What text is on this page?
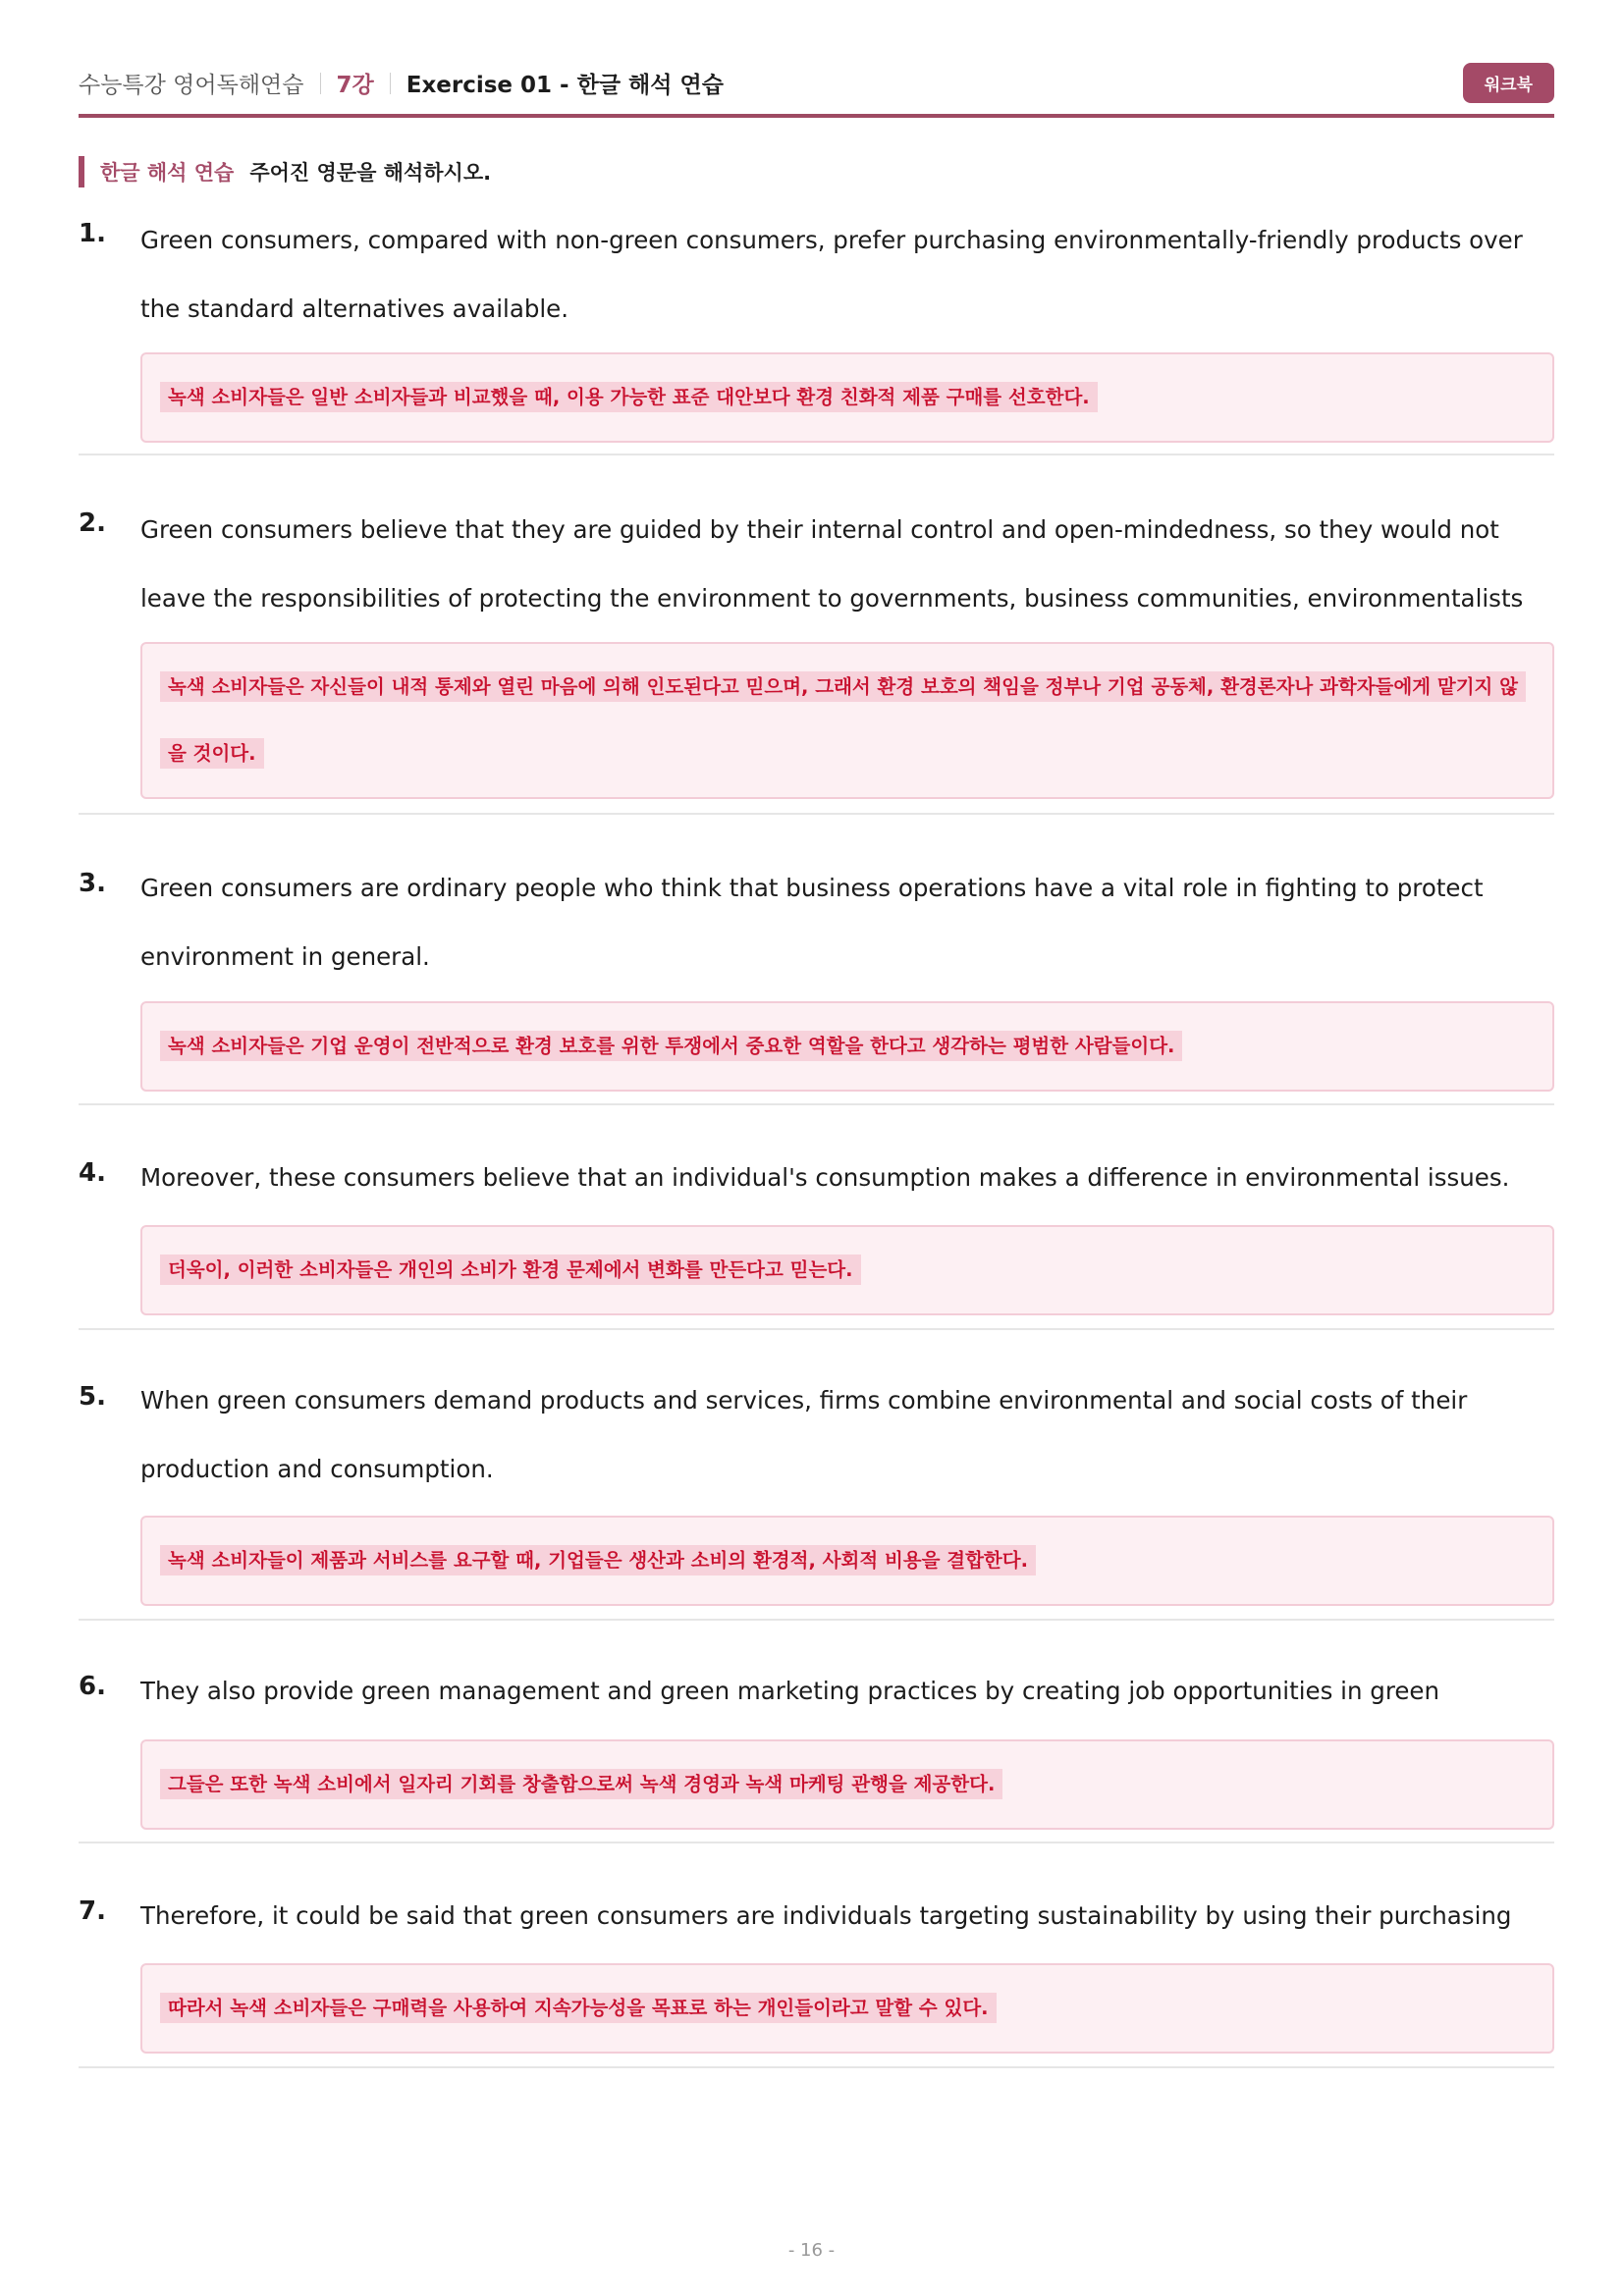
수능특강 영어독해연습 7강 Exercise 01 - 한글 해석 연습	워크북
한글 해석 연습 주어진 영문을 해석하시오.
1. Green consumers, compared with non-green consumers, prefer purchasing environmentally-friendly products over the standard alternatives available.
녹색 소비자들은 일반 소비자들과 비교했을 때, 이용 가능한 표준 대안보다 환경 친화적 제품 구매를 선호한다.
2. Green consumers believe that they are guided by their internal control and open-mindedness, so they would not leave the responsibilities of protecting the environment to governments, business communities, environmentalists
녹색 소비자들은 자신들이 내적 통제와 열린 마음에 의해 인도된다고 믿으며, 그래서 환경 보호의 책임을 정부나 기업 공동체, 환경론자나 과학자들에게 맡기지 않을 것이다.
3. Green consumers are ordinary people who think that business operations have a vital role in fighting to protect environment in general.
녹색 소비자들은 기업 운영이 전반적으로 환경 보호를 위한 투쟁에서 중요한 역할을 한다고 생각하는 평범한 사람들이다.
4. Moreover, these consumers believe that an individual's consumption makes a difference in environmental issues.
더욱이, 이러한 소비자들은 개인의 소비가 환경 문제에서 변화를 만든다고 믿는다.
5. When green consumers demand products and services, firms combine environmental and social costs of their production and consumption.
녹색 소비자들이 제품과 서비스를 요구할 때, 기업들은 생산과 소비의 환경적, 사회적 비용을 결합한다.
6. They also provide green management and green marketing practices by creating job opportunities in green
그들은 또한 녹색 소비에서 일자리 기회를 창출함으로써 녹색 경영과 녹색 마케팅 관행을 제공한다.
7. Therefore, it could be said that green consumers are individuals targeting sustainability by using their purchasing
따라서 녹색 소비자들은 구매력을 사용하여 지속가능성을 목표로 하는 개인들이라고 말할 수 있다.
- 16 -
